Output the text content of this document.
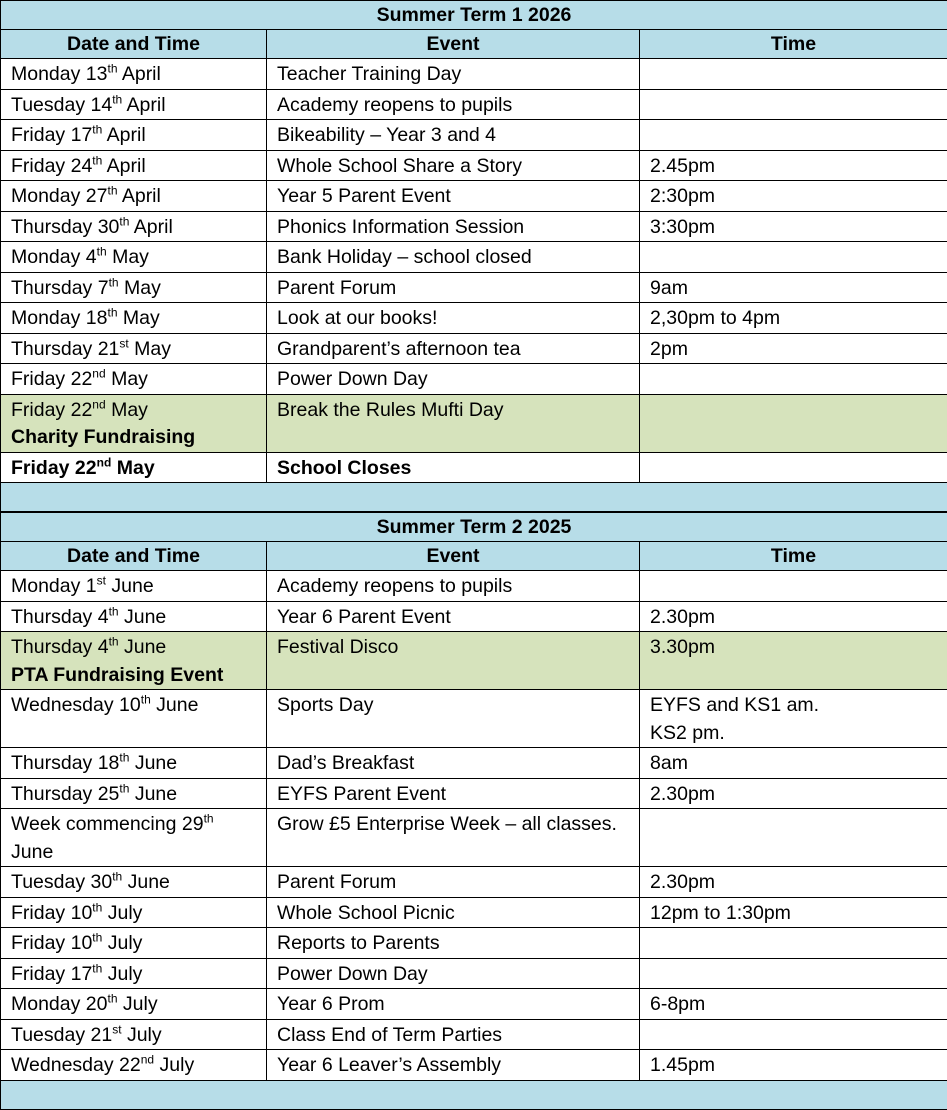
Summer Term 1 2026		
Date and Time	Event	Time

Monday 13th April	Teacher Training Day	

Tuesday 14th April	Academy reopens to pupils	

Friday 17th April	Bikeability – Year 3 and 4	

Friday 24th April	Whole School Share a Story	2.45pm

Monday 27th April	Year 5 Parent Event	2:30pm

Thursday 30th April	Phonics Information Session	3:30pm

Monday 4th May	Bank Holiday – school closed	

Thursday 7th May	Parent Forum	9am

Monday 18th May	Look at our books!	2,30pm to 4pm

Thursday 21st May	Grandparent’s afternoon tea	2pm

Friday 22nd May	Power Down Day	

Friday 22nd May
Charity Fundraising	Break the Rules Mufti Day	

Friday 22nd May	School Closes	

Summer Term 2 2025		
Date and Time	Event	Time

Monday 1st June	Academy reopens to pupils	

Thursday 4th June	Year 6 Parent Event	2.30pm

Thursday 4th June
PTA Fundraising Event	Festival Disco	3.30pm

Wednesday 10th June	Sports Day	EYFS and KS1 am.
KS2 pm.

Thursday 18th June	Dad’s Breakfast	8am

Thursday 25th June	EYFS Parent Event	2.30pm

Week commencing 29th
June	Grow £5 Enterprise Week – all classes.	

Tuesday 30th June	Parent Forum	2.30pm

Friday 10th July	Whole School Picnic	12pm to 1:30pm

Friday 10th July	Reports to Parents	

Friday 17th July	Power Down Day	

Monday 20th July	Year 6 Prom	6-8pm

Tuesday 21st July	Class End of Term Parties	

Wednesday 22nd July	Year 6 Leaver’s Assembly	1.45pm
